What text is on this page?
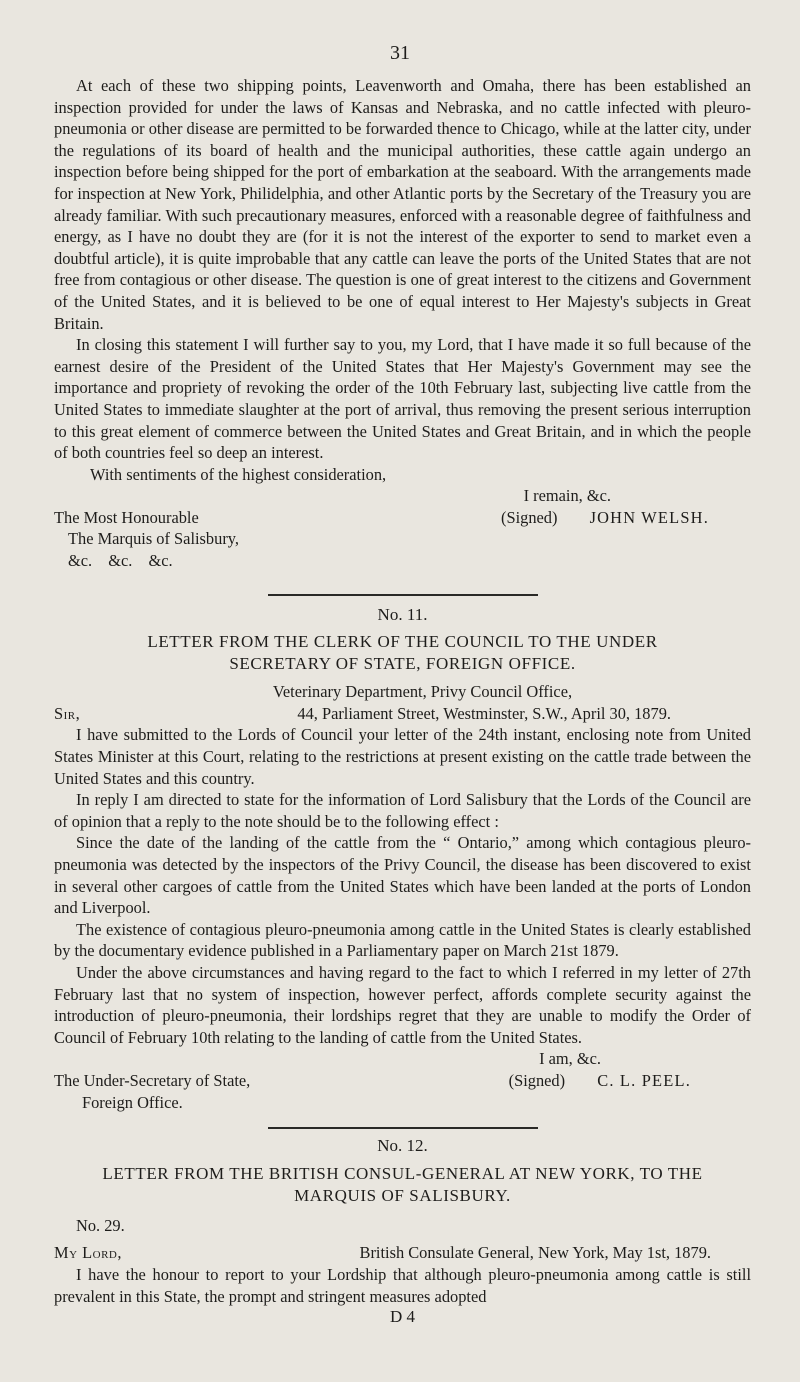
31

At each of these two shipping points, Leavenworth and Omaha, there has been established an inspection provided for under the laws of Kansas and Nebraska, and no cattle infected with pleuro-pneumonia or other disease are permitted to be forwarded thence to Chicago, while at the latter city, under the regulations of its board of health and the municipal authorities, these cattle again undergo an inspection before being shipped for the port of embarkation at the seaboard. With the arrangements made for inspection at New York, Philidelphia, and other Atlantic ports by the Secretary of the Treasury you are already familiar. With such precautionary measures, enforced with a reasonable degree of faithfulness and energy, as I have no doubt they are (for it is not the interest of the exporter to send to market even a doubtful article), it is quite improbable that any cattle can leave the ports of the United States that are not free from contagious or other disease. The question is one of great interest to the citizens and Government of the United States, and it is believed to be one of equal interest to Her Majesty's subjects in Great Britain.

In closing this statement I will further say to you, my Lord, that I have made it so full because of the earnest desire of the President of the United States that Her Majesty's Government may see the importance and propriety of revoking the order of the 10th February last, subjecting live cattle from the United States to immediate slaughter at the port of arrival, thus removing the present serious interruption to this great element of commerce between the United States and Great Britain, and in which the people of both countries feel so deep an interest.

With sentiments of the highest consideration,

I remain, &c.
The Most Honourable	(Signed) JOHN WELSH.
The Marquis of Salisbury,
&c. &c. &c.
No. 11.
LETTER FROM THE CLERK OF THE COUNCIL TO THE UNDER
SECRETARY OF STATE, FOREIGN OFFICE.
Veterinary Department, Privy Council Office,
Sir,	44, Parliament Street, Westminster, S.W., April 30, 1879.

I have submitted to the Lords of Council your letter of the 24th instant, enclosing note from United States Minister at this Court, relating to the restrictions at present existing on the cattle trade between the United States and this country.

In reply I am directed to state for the information of Lord Salisbury that the Lords of the Council are of opinion that a reply to the note should be to the following effect :

Since the date of the landing of the cattle from the “ Ontario,” among which contagious pleuro-pneumonia was detected by the inspectors of the Privy Council, the disease has been discovered to exist in several other cargoes of cattle from the United States which have been landed at the ports of London and Liverpool.

The existence of contagious pleuro-pneumonia among cattle in the United States is clearly established by the documentary evidence published in a Parliamentary paper on March 21st 1879.

Under the above circumstances and having regard to the fact to which I referred in my letter of 27th February last that no system of inspection, however perfect, affords complete security against the introduction of pleuro-pneumonia, their lordships regret that they are unable to modify the Order of Council of February 10th relating to the landing of cattle from the United States.

I am, &c.
The Under-Secretary of State,	(Signed) C. L. PEEL.
Foreign Office.
No. 12.
LETTER FROM THE BRITISH CONSUL-GENERAL AT NEW YORK, TO THE
MARQUIS OF SALISBURY.
No. 29.
My Lord,	British Consulate General, New York, May 1st, 1879.

I have the honour to report to your Lordship that although pleuro-pneumonia among cattle is still prevalent in this State, the prompt and stringent measures adopted

D 4
